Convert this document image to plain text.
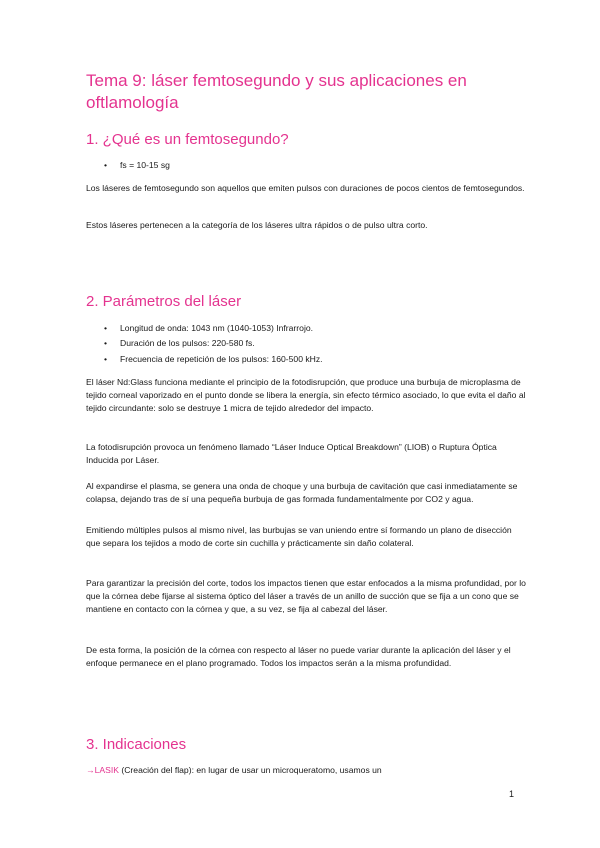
Tema 9: láser femtosegundo y sus aplicaciones en oftlamología
1. ¿Qué es un femtosegundo?
• fs = 10-15 sg

Los láseres de femtosegundo son aquellos que emiten pulsos con duraciones de pocos cientos de femtosegundos.

Estos láseres pertenecen a la categoría de los láseres ultra rápidos o de pulso ultra corto.

2. Parámetros del láser
• Longitud de onda: 1043 nm (1040-1053) Infrarrojo.
• Duración de los pulsos: 220-580 fs.
• Frecuencia de repetición de los pulsos: 160-500 kHz.

El láser Nd:Glass funciona mediante el principio de la fotodisrupción, que produce una burbuja de microplasma de tejido corneal vaporizado en el punto donde se libera la energía, sin efecto térmico asociado, lo que evita el daño al tejido circundante: solo se destruye 1 micra de tejido alrededor del impacto.

La fotodisrupción provoca un fenómeno llamado “Láser Induce Optical Breakdown” (LIOB) o Ruptura Óptica Inducida por Láser.

Al expandirse el plasma, se genera una onda de choque y una burbuja de cavitación que casi inmediatamente se colapsa, dejando tras de sí una pequeña burbuja de gas formada fundamentalmente por CO2 y agua.

Emitiendo múltiples pulsos al mismo nivel, las burbujas se van uniendo entre sí formando un plano de disección que separa los tejidos a modo de corte sin cuchilla y prácticamente sin daño colateral.

Para garantizar la precisión del corte, todos los impactos tienen que estar enfocados a la misma profundidad, por lo que la córnea debe fijarse al sistema óptico del láser a través de un anillo de succión que se fija a un cono que se mantiene en contacto con la córnea y que, a su vez, se fija al cabezal del láser.

De esta forma, la posición de la córnea con respecto al láser no puede variar durante la aplicación del láser y el enfoque permanece en el plano programado. Todos los impactos serán a la misma profundidad.

3. Indicaciones

→LASIK (Creación del flap): en lugar de usar un microqueratomo, usamos un

1
